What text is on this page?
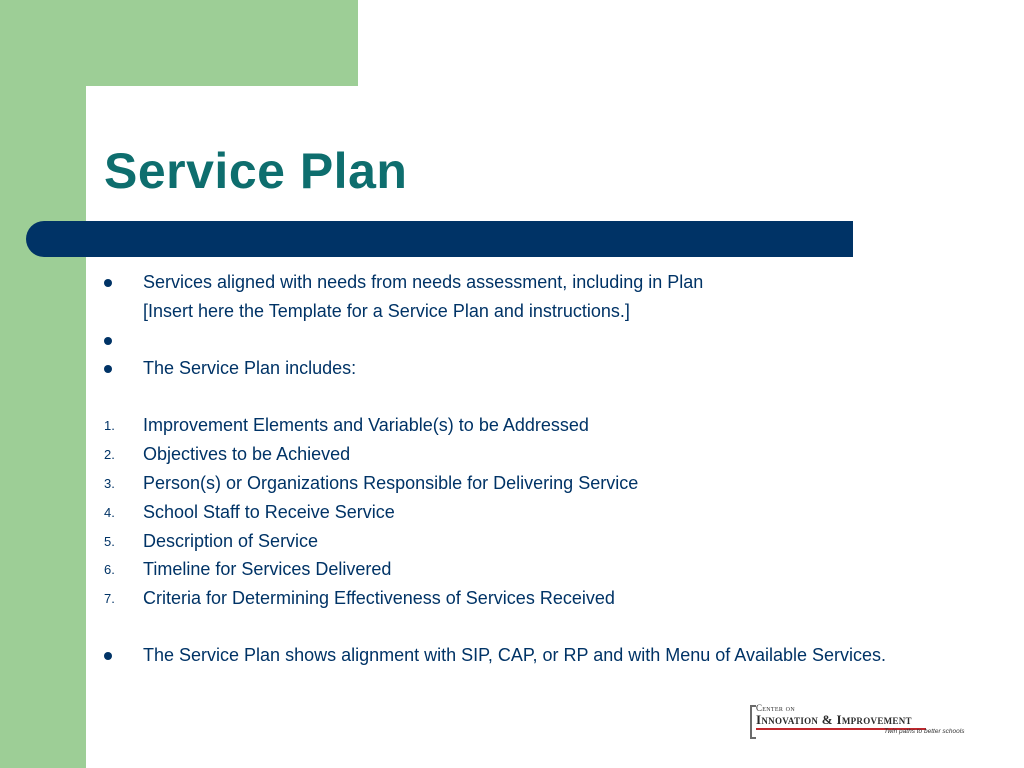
Service Plan
Services aligned with needs from needs assessment, including in Plan
[Insert here the Template for a Service Plan and instructions.]
The Service Plan includes:
1. Improvement Elements and Variable(s) to be Addressed
2. Objectives to be Achieved
3. Person(s) or Organizations Responsible for Delivering Service
4. School Staff to Receive Service
5. Description of Service
6. Timeline for Services Delivered
7. Criteria for Determining Effectiveness of Services Received
The Service Plan shows alignment with SIP, CAP, or RP and with Menu of Available Services.
Center on
Innovation & Improvement
Twin paths to better schools
